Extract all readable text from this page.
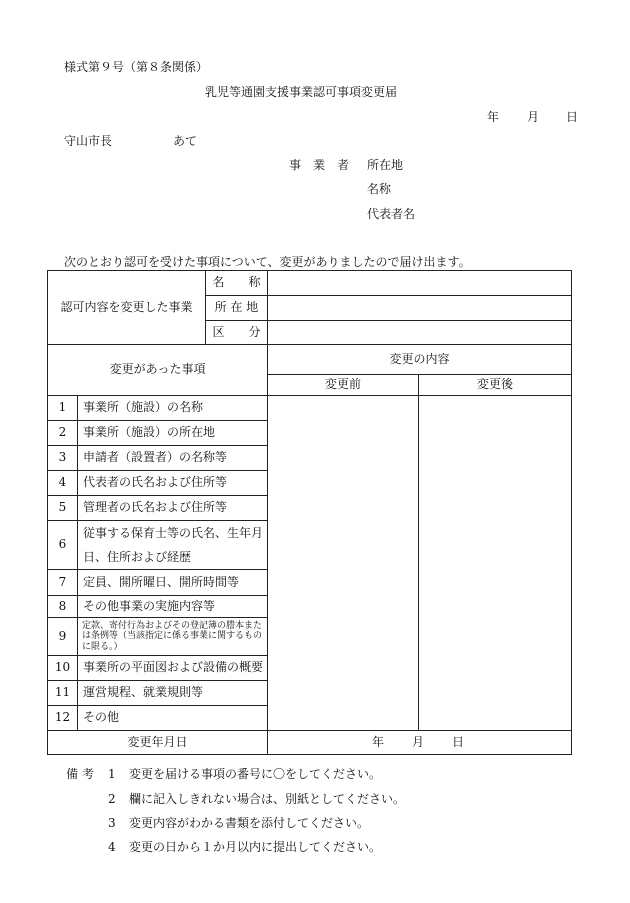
様式第９号（第８条関係）
乳児等通園支援事業認可事項変更届
年 月 日
守山市長	あて
事　業　者 所在地
名称
代表者名
次のとおり認可を受けた事項について、変更がありましたので届け出ます。
認可内容を変更した事業	名　　称	
	所 在 地	
	区　　分	
変更があった事項		変更の内容	
		変更前	変更後
1	事業所（施設）の名称		
2	事業所（施設）の所在地		
3	申請者（設置者）の名称等		
4	代表者の氏名および住所等		
5	管理者の氏名および住所等		
6	従事する保育士等の氏名、生年月日、住所および経歴		
7	定員、開所曜日、開所時間等		
8	その他事業の実施内容等		
9	定款、寄付行為およびその登記簿の謄本または条例等（当該指定に係る事業に関するものに限る。）		
10	事業所の平面図および設備の概要		
11	運営規程、就業規則等		
12	その他		
変更年月日		年 月 日	
備考 1 変更を届ける事項の番号に〇をしてください。
2 欄に記入しきれない場合は、別紙としてください。
3 変更内容がわかる書類を添付してください。
4 変更の日から１か月以内に提出してください。
